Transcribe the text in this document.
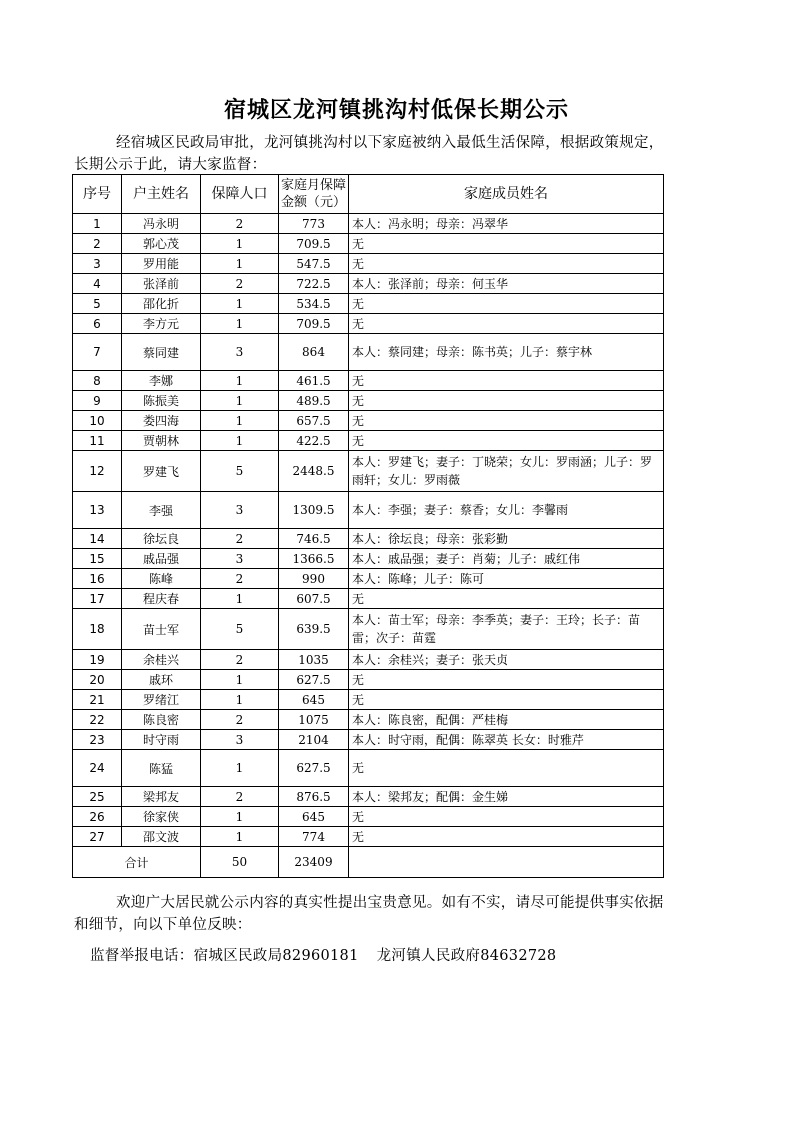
宿城区龙河镇挑沟村低保长期公示
经宿城区民政局审批，龙河镇挑沟村以下家庭被纳入最低生活保障，根据政策规定，长期公示于此，请大家监督：
序号	户主姓名	保障人口	家庭月保障金额（元）	家庭成员姓名
1	冯永明	2	773	本人：冯永明；母亲：冯翠华
2	郭心茂	1	709.5	无
3	罗用能	1	547.5	无
4	张泽前	2	722.5	本人：张泽前；母亲：何玉华
5	邵化折	1	534.5	无
6	李方元	1	709.5	无
7	蔡同建	3	864	本人：蔡同建；母亲：陈书英；儿子：蔡宇林
8	李娜	1	461.5	无
9	陈振美	1	489.5	无
10	娄四海	1	657.5	无
11	贾朝林	1	422.5	无
12	罗建飞	5	2448.5	本人：罗建飞；妻子：丁晓荣；女儿：罗雨涵；儿子：罗雨轩；女儿：罗雨薇
13	李强	3	1309.5	本人：李强；妻子：蔡香；女儿：李馨雨
14	徐坛良	2	746.5	本人：徐坛良；母亲：张彩勤
15	戚品强	3	1366.5	本人：戚品强；妻子：肖菊；儿子：戚红伟
16	陈峰	2	990	本人：陈峰；儿子：陈可
17	程庆春	1	607.5	无
18	苗士军	5	639.5	本人：苗士军；母亲：李季英；妻子：王玲；长子：苗雷；次子：苗霆
19	余桂兴	2	1035	本人：余桂兴；妻子：张天贞
20	戚环	1	627.5	无
21	罗绪江	1	645	无
22	陈良密	2	1075	本人：陈良密，配偶：严桂梅
23	时守雨	3	2104	本人：时守雨，配偶：陈翠英 长女：时雅芹
24	陈猛	1	627.5	无
25	梁邦友	2	876.5	本人：梁邦友；配偶：金生娣
26	徐家侠	1	645	无
27	邵文波	1	774	无
合计		50	23409	
欢迎广大居民就公示内容的真实性提出宝贵意见。如有不实，请尽可能提供事实依据和细节，向以下单位反映：
监督举报电话：宿城区民政局82960181 龙河镇人民政府84632728
